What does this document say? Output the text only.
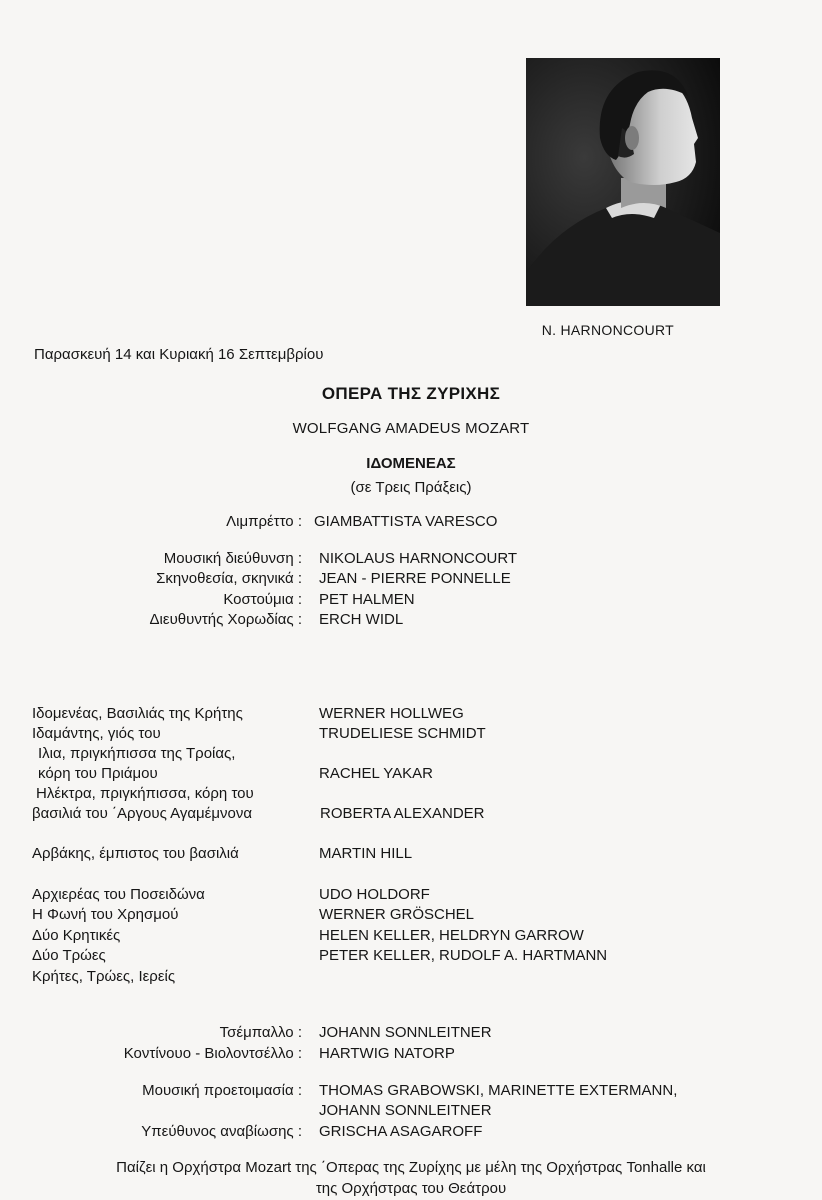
N. HARNONCOURT
Παρασκευή 14 και Κυριακή 16 Σεπτεμβρίου
ΟΠΕΡΑ ΤΗΣ ΖΥΡΙΧΗΣ
WOLFGANG AMADEUS MOZART
ΙΔΟΜΕΝΕΑΣ
(σε Τρεις Πράξεις)
Λιμπρέττο : GIAMBATTISTA VARESCO
Μουσική διεύθυνση : NIKOLAUS HARNONCOURT
Σκηνοθεσία, σκηνικά : JEAN - PIERRE PONNELLE
Κοστούμια : PET HALMEN
Διευθυντής Χορωδίας : ERCH WIDL
Ιδομενέας, Βασιλιάς της Κρήτης	WERNER HOLLWEG
Ιδαμάντης, γιός του	TRUDELIESE SCHMIDT
Ιλια, πριγκήπισσα της Τροίας,
κόρη του Πριάμου	RACHEL YAKAR
Ηλέκτρα, πριγκήπισσα, κόρη του
βασιλιά του ΄Αργους Αγαμέμνονα	ROBERTA ALEXANDER
Αρβάκης, έμπιστος του βασιλιά	MARTIN HILL
Αρχιερέας του Ποσειδώνα	UDO HOLDORF
Η Φωνή του Χρησμού	WERNER GRÖSCHEL
Δύο Κρητικές	HELEN KELLER, HELDRYN GARROW
Δύο Τρώες	PETER KELLER, RUDOLF A. HARTMANN
Κρήτες, Τρώες, Ιερείς
Τσέμπαλλο : JOHANN SONNLEITNER
Κοντίνουο - Βιολοντσέλλο : HARTWIG NATORP
Μουσική προετοιμασία : THOMAS GRABOWSKI, MARINETTE EXTERMANN,
JOHANN SONNLEITNER
Υπεύθυνος αναβίωσης : GRISCHA ASAGAROFF
Παίζει η Ορχήστρα Mozart της ΄Οπερας της Ζυρίχης με μέλη της Ορχήστρας Tonhalle και
της Ορχήστρας του Θεάτρου
